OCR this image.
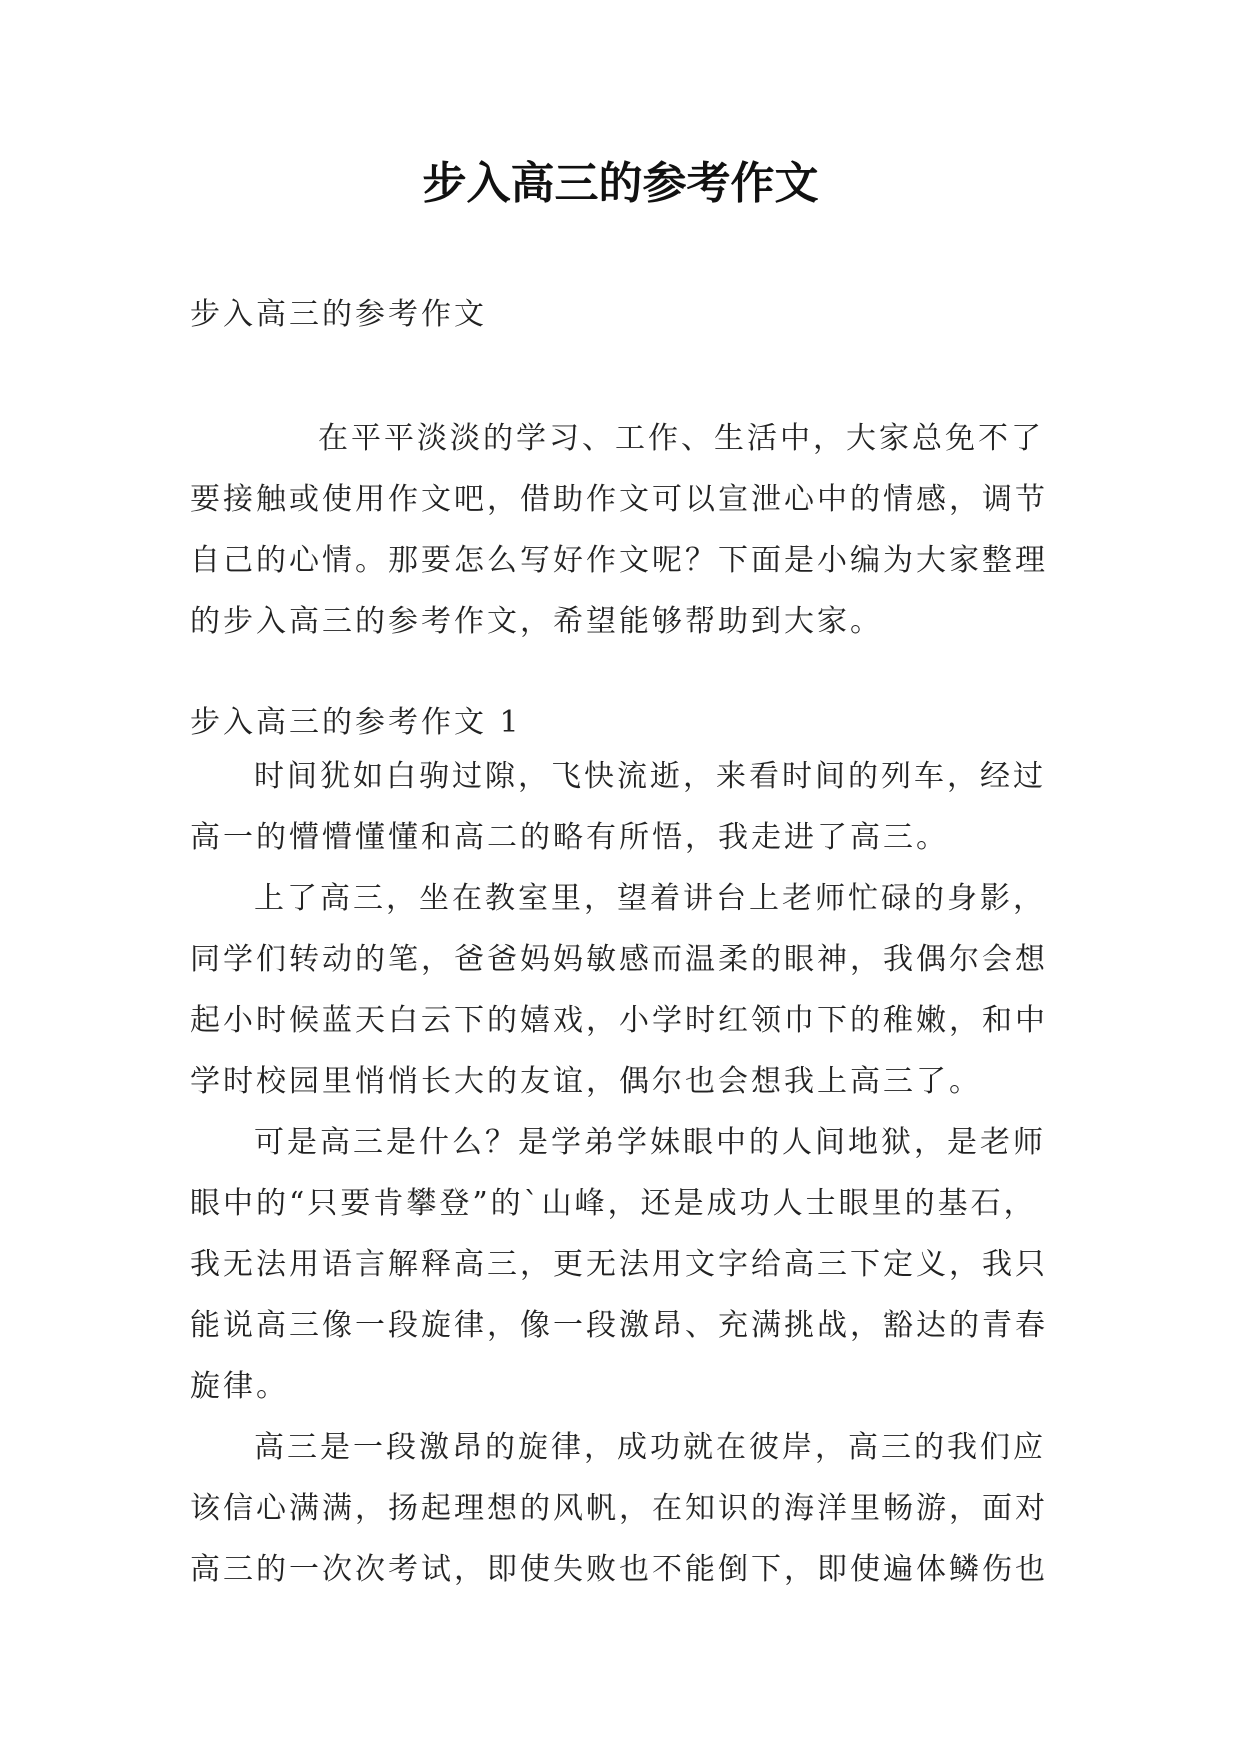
步入高三的参考作文

步入高三的参考作文

在平平淡淡的学习、工作、生活中，大家总免不了
要接触或使用作文吧，借助作文可以宣泄心中的情感，调节
自己的心情。那要怎么写好作文呢？下面是小编为大家整理
的步入高三的参考作文，希望能够帮助到大家。

步入高三的参考作文 1

时间犹如白驹过隙，飞快流逝，来看时间的列车，经过
高一的懵懵懂懂和高二的略有所悟，我走进了高三。
上了高三，坐在教室里，望着讲台上老师忙碌的身影，
同学们转动的笔，爸爸妈妈敏感而温柔的眼神，我偶尔会想
起小时候蓝天白云下的嬉戏，小学时红领巾下的稚嫩，和中
学时校园里悄悄长大的友谊，偶尔也会想我上高三了。
可是高三是什么？是学弟学妹眼中的人间地狱，是老师
眼中的“只要肯攀登”的`山峰，还是成功人士眼里的基石，
我无法用语言解释高三，更无法用文字给高三下定义，我只
能说高三像一段旋律，像一段激昂、充满挑战，豁达的青春
旋律。
高三是一段激昂的旋律，成功就在彼岸，高三的我们应
该信心满满，扬起理想的风帆，在知识的海洋里畅游，面对
高三的一次次考试，即使失败也不能倒下，即使遍体鳞伤也
